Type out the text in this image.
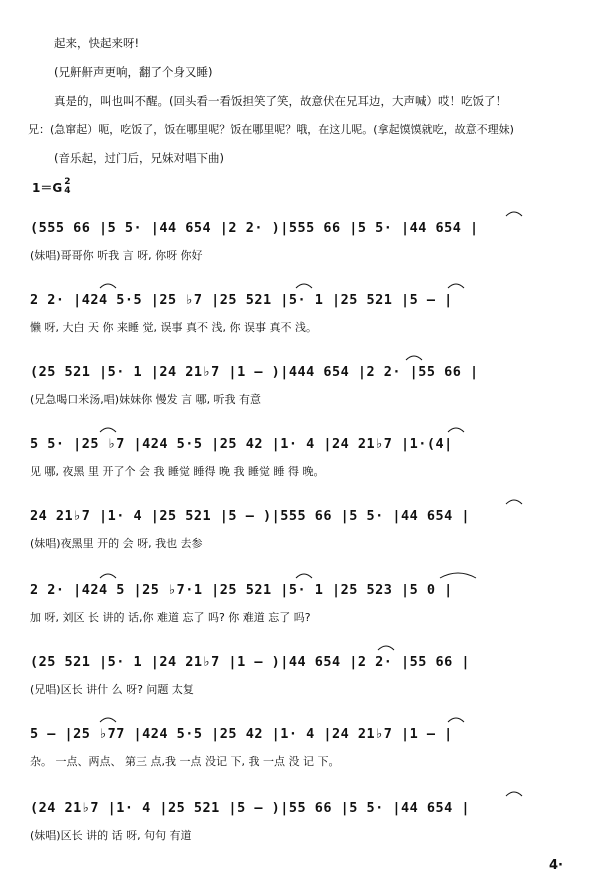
起来，快起来呀!
(兄鼾鼾声更响，翻了个身又睡)
真是的，叫也叫不醒。(回头看一看饭担笑了笑，故意伏在兄耳边，大声喊）哎！吃饭了！
兄：(急窜起）呃，吃饭了，饭在哪里呢？饭在哪里呢？哦，在这儿呢。(拿起馍馍就吃，故意不理妹)
(音乐起，过门后，兄妹对唱下曲)
1＝G 2
4
(555 66 |5 5· |44 654 |2 2· )|555 66 |5 5· |44 654 |
(妹唱)哥哥你 听我 言 呀, 你呀 你好
2 2· |424 5·5 |25 ♭7 |25 521 |5· 1 |25 521 |5 – |
懒 呀, 大白 天 你 来睡 觉, 误事 真不 浅, 你 误事 真不 浅。
(25 521 |5· 1 |24 21♭7 |1 – )|444 654 |2 2· |55 66 |
(兄急喝口米汤,唱)妹妹你 慢发 言 哪, 听我 有意
5 5· |25 ♭7 |424 5·5 |25 42 |1· 4 |24 21♭7 |1·(4|
见 哪, 夜黑 里 开了个 会 我 睡觉 睡得 晚 我 睡觉 睡 得 晚。
24 21♭7 |1· 4 |25 521 |5 – )|555 66 |5 5· |44 654 |
(妹唱)夜黑里 开的 会 呀, 我也 去参
2 2· |424 5 |25 ♭7·1 |25 521 |5· 1 |25 523 |5 0 |
加 呀, 刘区 长 讲的 话,你 难道 忘了 吗? 你 难道 忘了 吗?
(25 521 |5· 1 |24 21♭7 |1 – )|44 654 |2 2· |55 66 |
(兄唱)区长 讲什 么 呀? 问题 太复
5 – |25 ♭77 |424 5·5 |25 42 |1· 4 |24 21♭7 |1 – |
杂。 一点、两点、 第三 点,我 一点 没记 下, 我 一点 没 记 下。
(24 21♭7 |1· 4 |25 521 |5 – )|55 66 |5 5· |44 654 |
(妹唱)区长 讲的 话 呀, 句句 有道
4·
